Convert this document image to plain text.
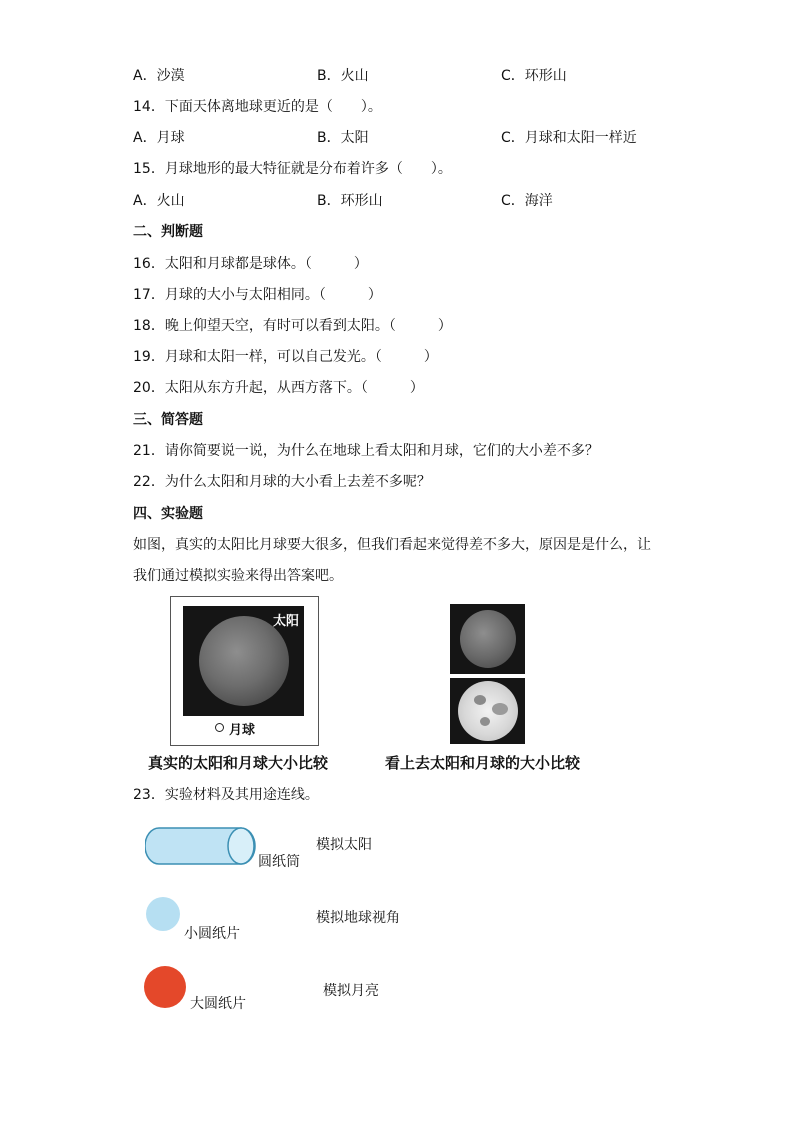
A．沙漠	B．火山	C．环形山
14．下面天体离地球更近的是（　　）。
A．月球	B．太阳	C．月球和太阳一样近
15．月球地形的最大特征就是分布着许多（　　）。
A．火山	B．环形山	C．海洋
二、判断题
16．太阳和月球都是球体。（　　　）
17．月球的大小与太阳相同。（　　　）
18．晚上仰望天空，有时可以看到太阳。（　　　）
19．月球和太阳一样，可以自己发光。（　　　）
20．太阳从东方升起，从西方落下。（　　　）
三、简答题
21．请你简要说一说，为什么在地球上看太阳和月球，它们的大小差不多？
22．为什么太阳和月球的大小看上去差不多呢？
四、实验题
如图，真实的太阳比月球要大很多，但我们看起来觉得差不多大，原因是是什么，让
我们通过模拟实验来得出答案吧。
太阳
月球
真实的太阳和月球大小比较	看上去太阳和月球的大小比较
23．实验材料及其用途连线。
圆纸筒
模拟太阳
小圆纸片
模拟地球视角
大圆纸片
模拟月亮
